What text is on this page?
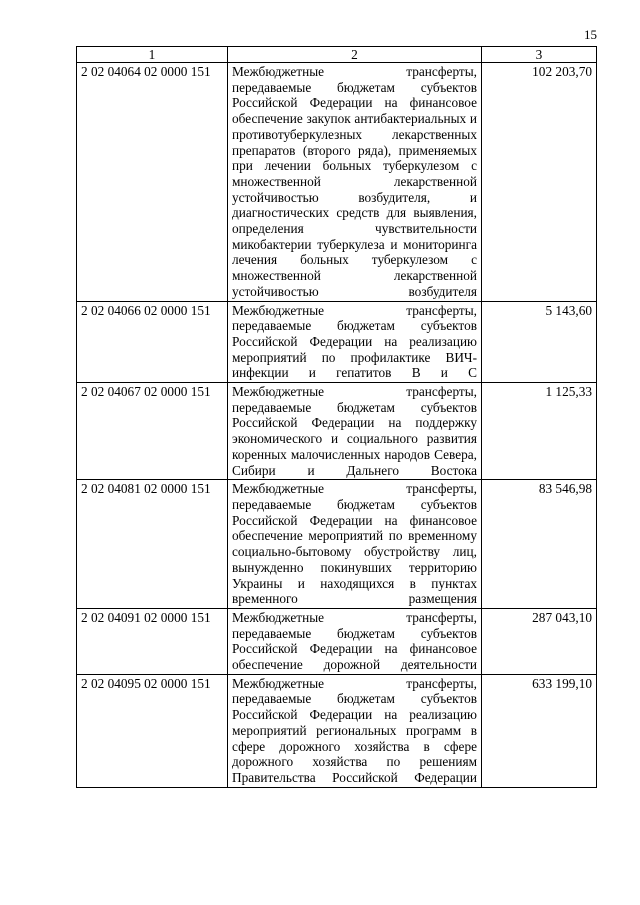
15
1	2	3
2 02 04064 02 0000 151	Межбюджетные трансферты, передаваемые бюджетам субъектов Российской Федерации на финансовое обеспечение закупок антибактериальных и противотуберкулезных лекарственных препаратов (второго ряда), применяемых при лечении больных туберкулезом с множественной лекарственной устойчивостью возбудителя, и диагностических средств для выявления, определения чувствительности микобактерии туберкулеза и мониторинга лечения больных туберкулезом с множественной лекарственной устойчивостью возбудителя	102 203,70
2 02 04066 02 0000 151	Межбюджетные трансферты, передаваемые бюджетам субъектов Российской Федерации на реализацию мероприятий по профилактике ВИЧ-инфекции и гепатитов B и C	5 143,60
2 02 04067 02 0000 151	Межбюджетные трансферты, передаваемые бюджетам субъектов Российской Федерации на поддержку экономического и социального развития коренных малочисленных народов Севера, Сибири и Дальнего Востока	1 125,33
2 02 04081 02 0000 151	Межбюджетные трансферты, передаваемые бюджетам субъектов Российской Федерации на финансовое обеспечение мероприятий по временному социально-бытовому обустройству лиц, вынужденно покинувших территорию Украины и находящихся в пунктах временного размещения	83 546,98
2 02 04091 02 0000 151	Межбюджетные трансферты, передаваемые бюджетам субъектов Российской Федерации на финансовое обеспечение дорожной деятельности	287 043,10
2 02 04095 02 0000 151	Межбюджетные трансферты, передаваемые бюджетам субъектов Российской Федерации на реализацию мероприятий региональных программ в сфере дорожного хозяйства в сфере дорожного хозяйства по решениям Правительства Российской Федерации	633 199,10
